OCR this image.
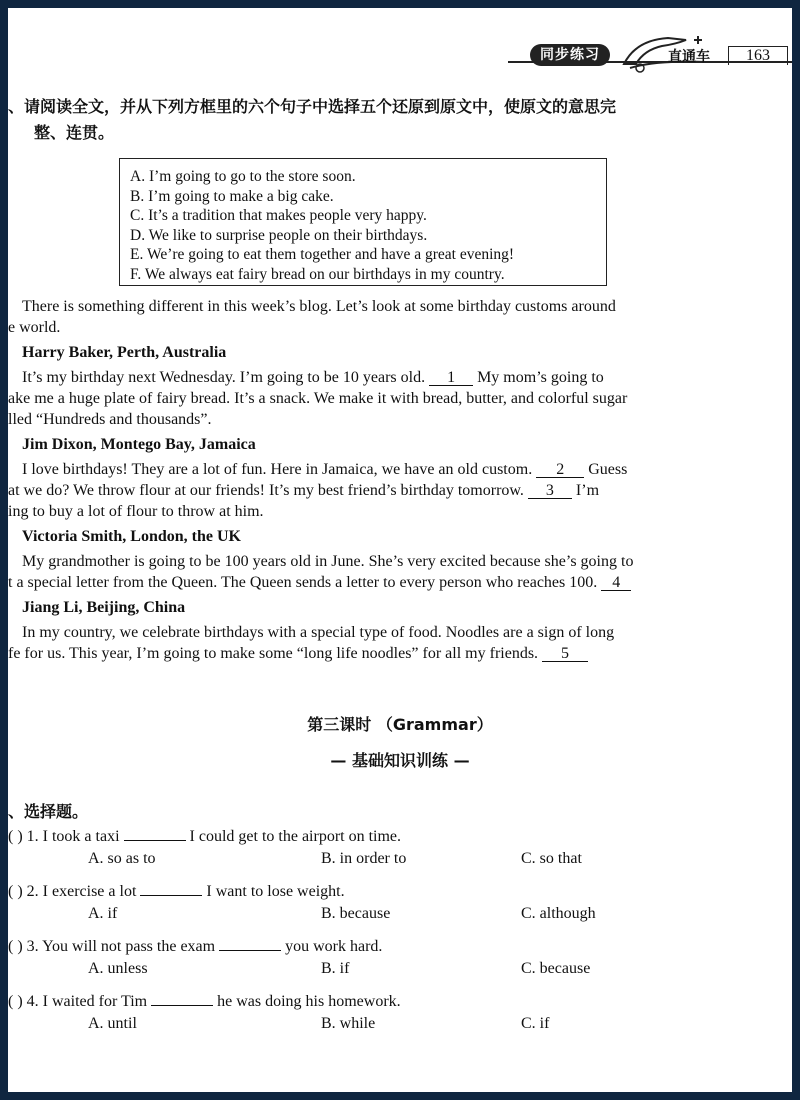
同步练习	直通车	163
、请阅读全文，并从下列方框里的六个句子中选择五个还原到原文中，使原文的意思完
整、连贯。
A. I’m going to go to the store soon.
B. I’m going to make a big cake.
C. It’s a tradition that makes people very happy.
D. We like to surprise people on their birthdays.
E. We’re going to eat them together and have a great evening!
F. We always eat fairy bread on our birthdays in my country.
There is something different in this week’s blog. Let’s look at some birthday customs around
e world.
Harry Baker, Perth, Australia
It’s my birthday next Wednesday. I’m going to be 10 years old. 1 My mom’s going to
ake me a huge plate of fairy bread. It’s a snack. We make it with bread, butter, and colorful sugar
lled “Hundreds and thousands”.
Jim Dixon, Montego Bay, Jamaica
I love birthdays! They are a lot of fun. Here in Jamaica, we have an old custom. 2 Guess
at we do? We throw flour at our friends! It’s my best friend’s birthday tomorrow. 3 I’m
ing to buy a lot of flour to throw at him.
Victoria Smith, London, the UK
My grandmother is going to be 100 years old in June. She’s very excited because she’s going to
t a special letter from the Queen. The Queen sends a letter to every person who reaches 100. 4
Jiang Li, Beijing, China
In my country, we celebrate birthdays with a special type of food. Noodles are a sign of long
fe for us. This year, I’m going to make some “long life noodles” for all my friends. 5
第三课时 （Grammar）
— 基础知识训练 —
、选择题。
( ) 1. I took a taxi	I could get to the airport on time.
A. so as to	B. in order to	C. so that
( ) 2. I exercise a lot	I want to lose weight.
A. if	B. because	C. although
( ) 3. You will not pass the exam	you work hard.
A. unless	B. if	C. because
( ) 4. I waited for Tim	he was doing his homework.
A. until	B. while	C. if
